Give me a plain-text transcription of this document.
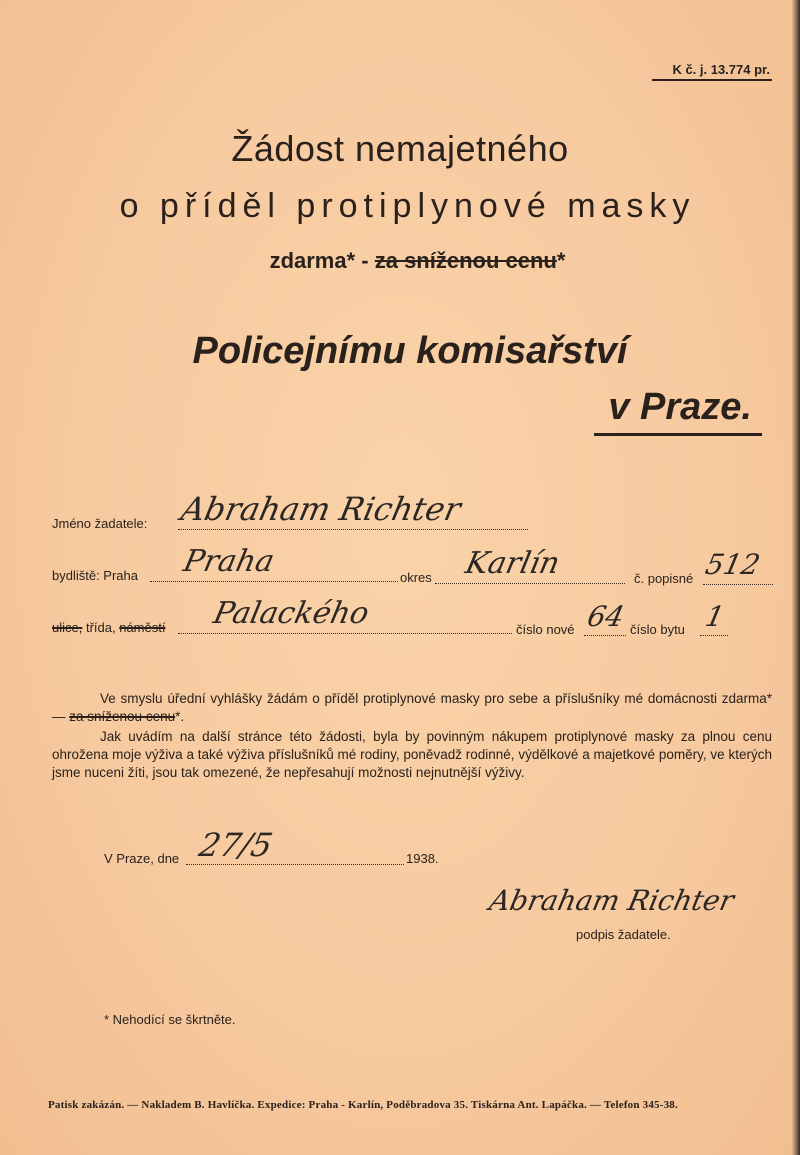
K č. j. 13.774 pr.
Žádost nemajetného
o příděl protiplynové masky
zdarma* - za sníženou cenu*
Policejnímu komisařství
v Praze.
Jméno žadatele: Abraham Richter
bydliště: Praha Praha	okres Karlín	č. popisné 512
ulice, třída, náměstí Palackého	číslo nové 64 číslo bytu 1

Ve smyslu úřední vyhlášky žádám o příděl protiplynové masky pro sebe a příslušníky mé domácnosti zdarma* — za sníženou cenu*.

Jak uvádím na další stránce této žádosti, byla by povinným nákupem protiplynové masky za plnou cenu ohrožena moje výživa a také výživa příslušníků mé rodiny, poněvadž rodinné, výdělkové a majetkové poměry, ve kterých jsme nuceni žíti, jsou tak omezené, že nepřesahují možnosti nejnutnější výživy.

V Praze, dne 27/5	1938.
Abraham Richter
podpis žadatele.
* Nehodící se škrtněte.
Patisk zakázán. — Nakladem B. Havlíčka. Expedice: Praha - Karlín, Poděbradova 35. Tiskárna Ant. Lapáčka. — Telefon 345-38.
